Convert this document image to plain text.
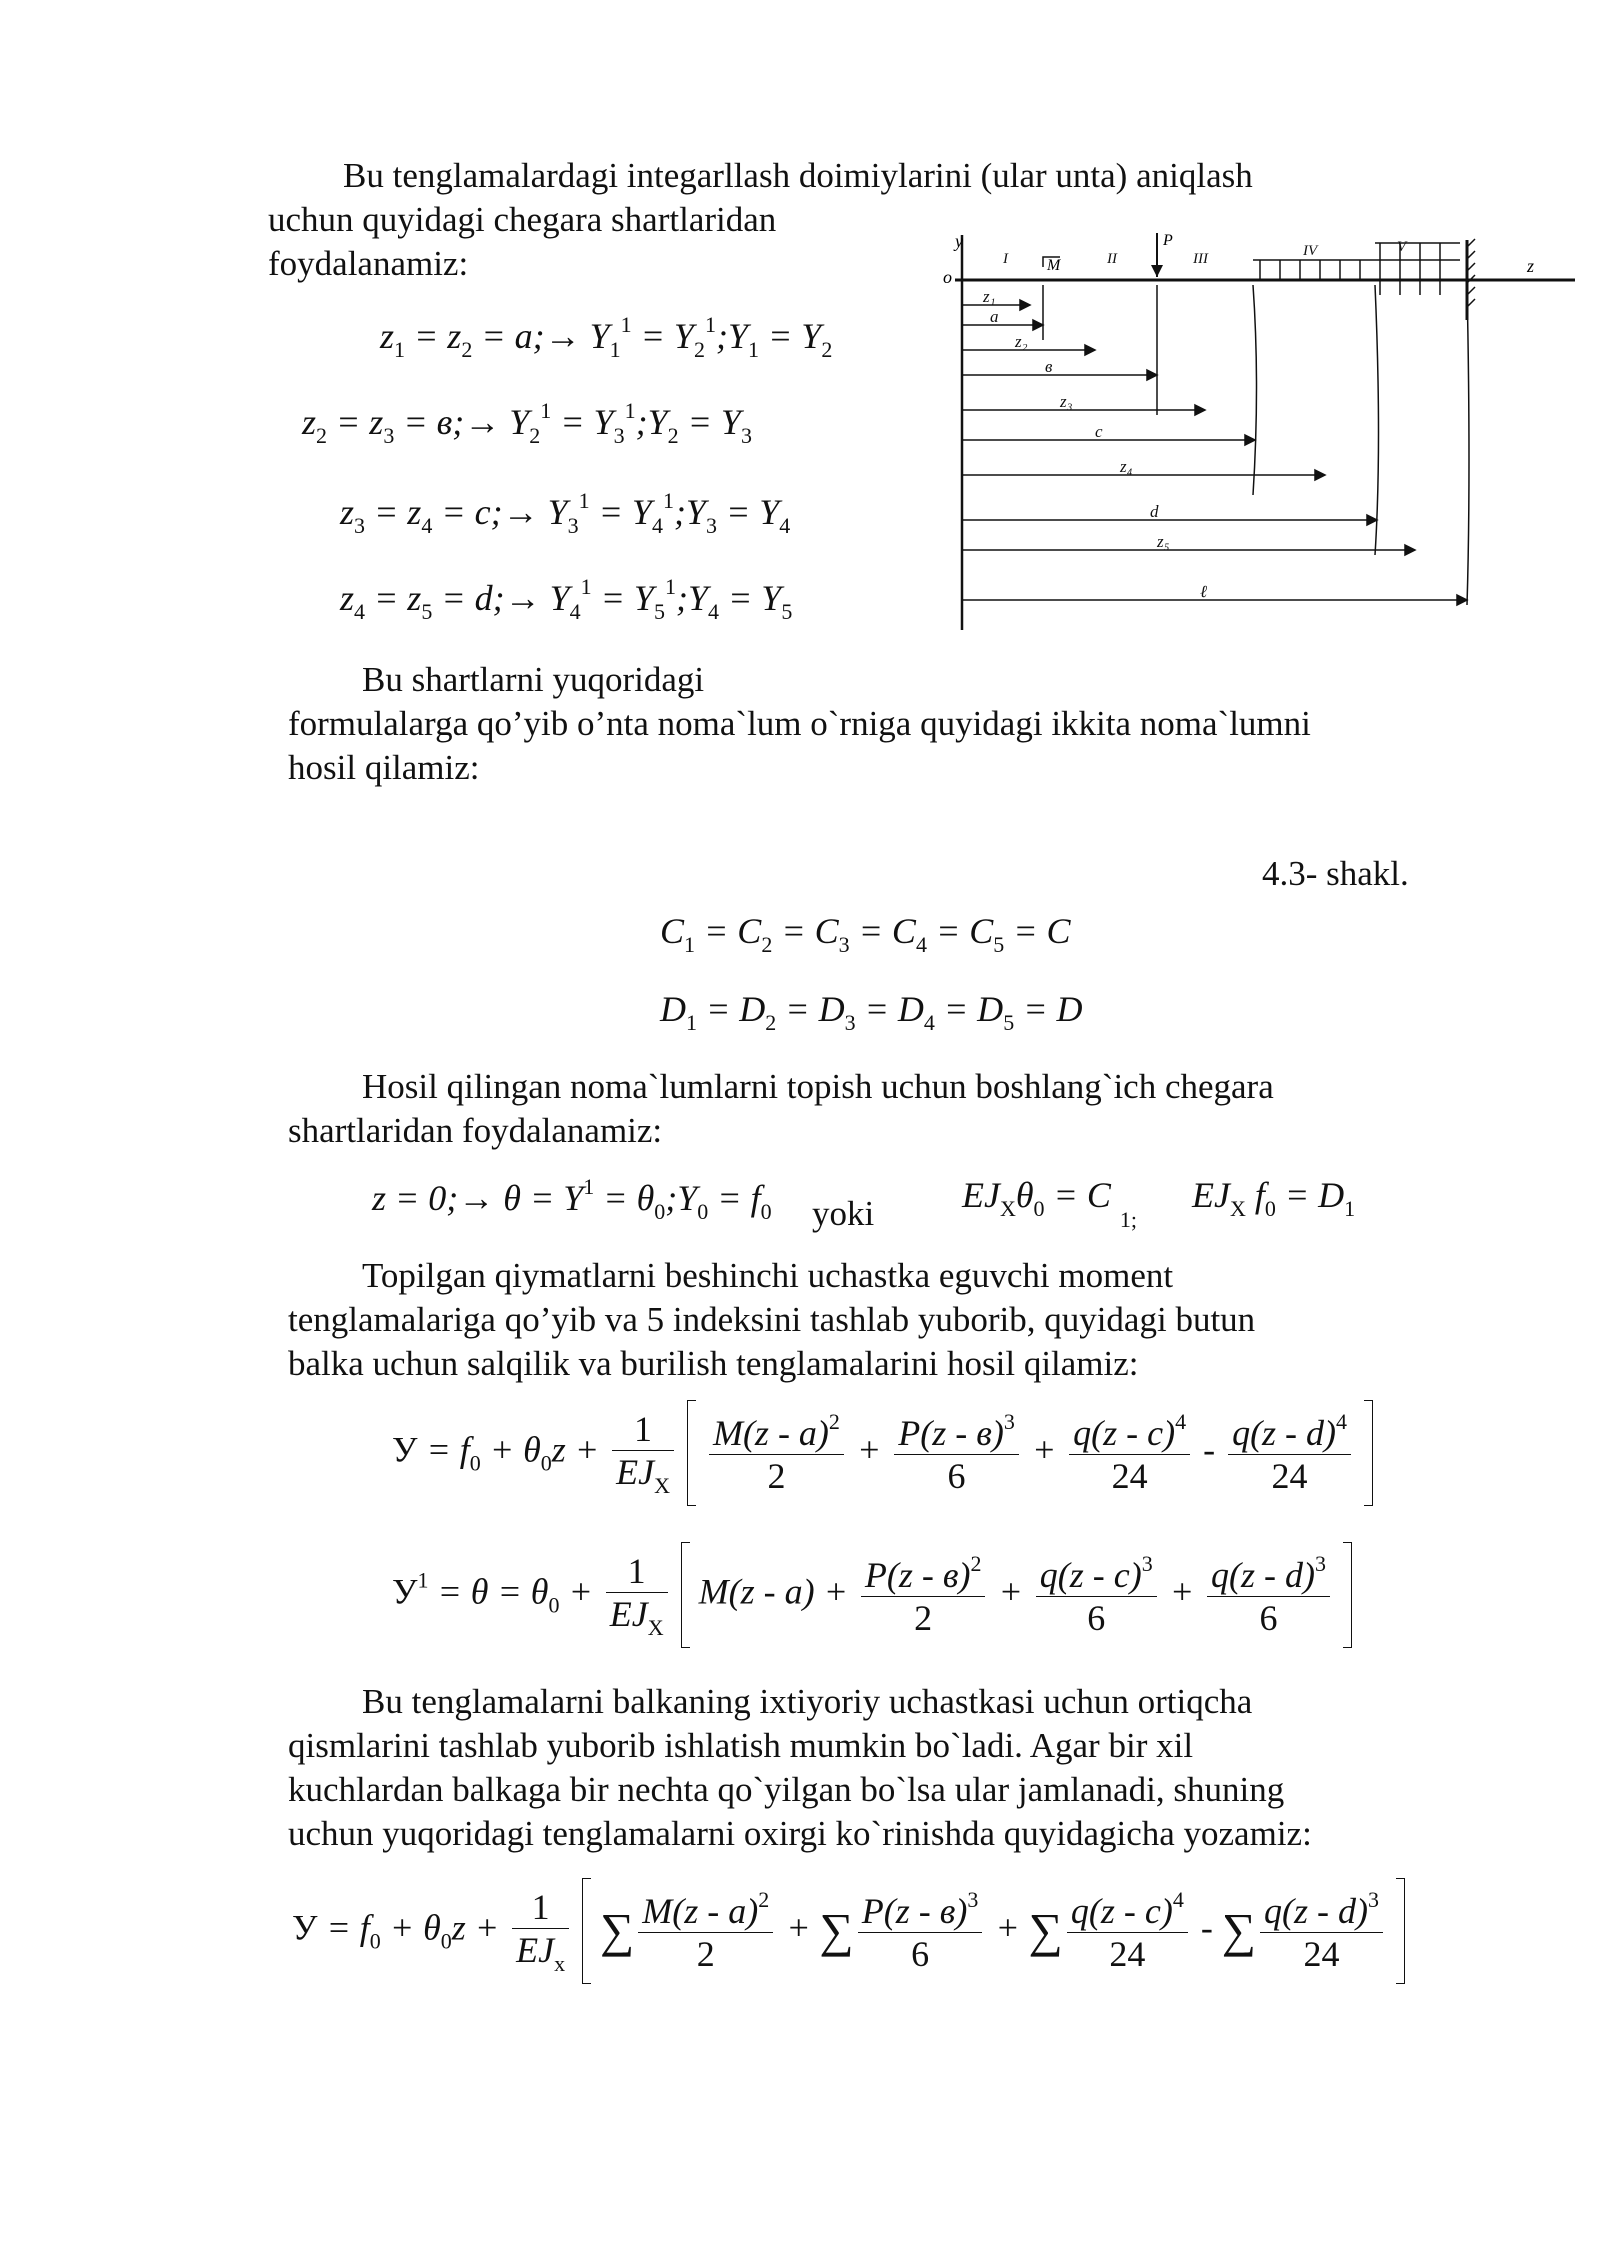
Bu tenglamalardagi integarllash doimiylarini (ular unta) aniqlash
uchun quyidagi chegara shartlaridan
foydalanamiz:
$z_1 = z_2$ = a;→ $Y_1^1$ = $Y_2^1;Y_1 = Y_2$
$z_2 = z_3$ = в;→ $Y_2^1$ = $Y_3^1;Y_2 = Y_3$
$z_3 = z_4$ = c;→ $Y_3^1$ = $Y_4^1;Y_3 = Y_4$
$z_4 = z_5$ = d;→ $Y_4^1$ = $Y_5^1;Y_4 = Y_5$
y
o
z
I	II	III	IV	V
M
P
z₁
a
z₂
в
z₃
c
z₄
d
z₅
ℓ
Bu shartlarni yuqoridagi
formulalarga qo’yib o’nta noma`lum o`rniga quyidagi ikkita noma`lumni
hosil qilamiz:
4.3- shakl.
$C_1 = C_2 = C_3 = C_4 = C_5 = C$
$D_1 = D_2 = D_3 = D_4 = D_5 = D$
Hosil qilingan noma`lumlarni topish uchun boshlang`ich chegara
shartlaridan foydalanamiz:
z = 0;→ $\theta = Y^1$ = $\theta_0;Y_0 = f_0$ yoki $EJ_X\theta_0 = C$ $_{1;}$
$EJ_X$ $f_0 = D_1$
Topilgan qiymatlarni beshinchi uchastka eguvchi moment
tenglamalariga qo’yib va 5 indeksini tashlab yuborib, quyidagi butun
balka uchun salqilik va burilish tenglamalarini hosil qilamiz:
$У = f_0 + \theta_0z + \frac{1}{EJ_X}$
$\frac{M(z - a)^2}{2} + \frac{P(z - в)^3}{6} + \frac{q(z - c)^4}{24} - \frac{q(z - d)^4}{24}$

$У^1 = \theta = \theta_0 + \frac{1}{EJ_X} M(z - a) + \frac{P(z - в)^2}{2} + \frac{q(z - c)^3}{6} + \frac{q(z - d)^3}{6}$

Bu tenglamalarni balkaning ixtiyoriy uchastkasi uchun ortiqcha
qismlarini tashlab yuborib ishlatish mumkin bo`ladi. Agar bir xil
kuchlardan balkaga bir nechta qo`yilgan bo`lsa ular jamlanadi, shuning
uchun yuqoridagi tenglamalarni oxirgi ko`rinishda quyidagicha yozamiz:
$У = f_0 + \theta_0z + \frac{1}{EJ_x}$ ∑ $\frac{M(z - a)^2}{2}$ + ∑ $\frac{P(z - в)^3}{6}$ + ∑ $\frac{q(z - c)^4}{24}$ - ∑ $\frac{q(z - d)^3}{24}$
